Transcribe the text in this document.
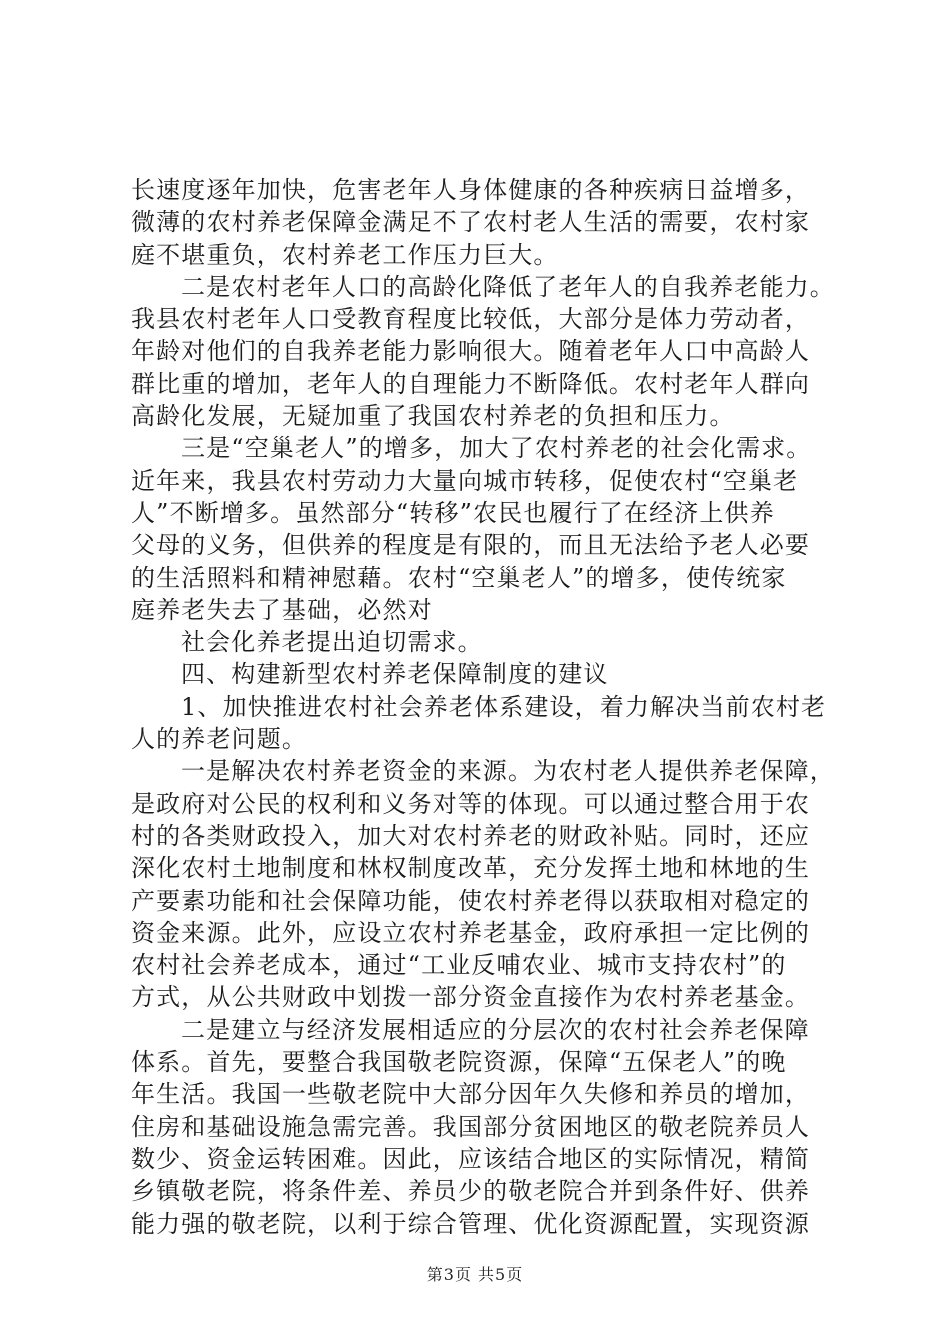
长速度逐年加快，危害老年人身体健康的各种疾病日益增多，
微薄的农村养老保障金满足不了农村老人生活的需要，农村家
庭不堪重负，农村养老工作压力巨大。
二是农村老年人口的高龄化降低了老年人的自我养老能力。
我县农村老年人口受教育程度比较低，大部分是体力劳动者，
年龄对他们的自我养老能力影响很大。随着老年人口中高龄人
群比重的增加，老年人的自理能力不断降低。农村老年人群向
高龄化发展，无疑加重了我国农村养老的负担和压力。
三是“空巢老人”的增多，加大了农村养老的社会化需求。
近年来，我县农村劳动力大量向城市转移，促使农村“空巢老
人”不断增多。虽然部分“转移”农民也履行了在经济上供养
父母的义务，但供养的程度是有限的，而且无法给予老人必要
的生活照料和精神慰藉。农村“空巢老人”的增多，使传统家
庭养老失去了基础，必然对
社会化养老提出迫切需求。
四、构建新型农村养老保障制度的建议
1、加快推进农村社会养老体系建设，着力解决当前农村老
人的养老问题。
一是解决农村养老资金的来源。为农村老人提供养老保障，
是政府对公民的权利和义务对等的体现。可以通过整合用于农
村的各类财政投入，加大对农村养老的财政补贴。同时，还应
深化农村土地制度和林权制度改革，充分发挥土地和林地的生
产要素功能和社会保障功能，使农村养老得以获取相对稳定的
资金来源。此外，应设立农村养老基金，政府承担一定比例的
农村社会养老成本，通过“工业反哺农业、城市支持农村”的
方式，从公共财政中划拨一部分资金直接作为农村养老基金。
二是建立与经济发展相适应的分层次的农村社会养老保障
体系。首先，要整合我国敬老院资源，保障“五保老人”的晚
年生活。我国一些敬老院中大部分因年久失修和养员的增加，
住房和基础设施急需完善。我国部分贫困地区的敬老院养员人
数少、资金运转困难。因此，应该结合地区的实际情况，精简
乡镇敬老院，将条件差、养员少的敬老院合并到条件好、供养
能力强的敬老院，以利于综合管理、优化资源配置，实现资源
第3页 共5页
